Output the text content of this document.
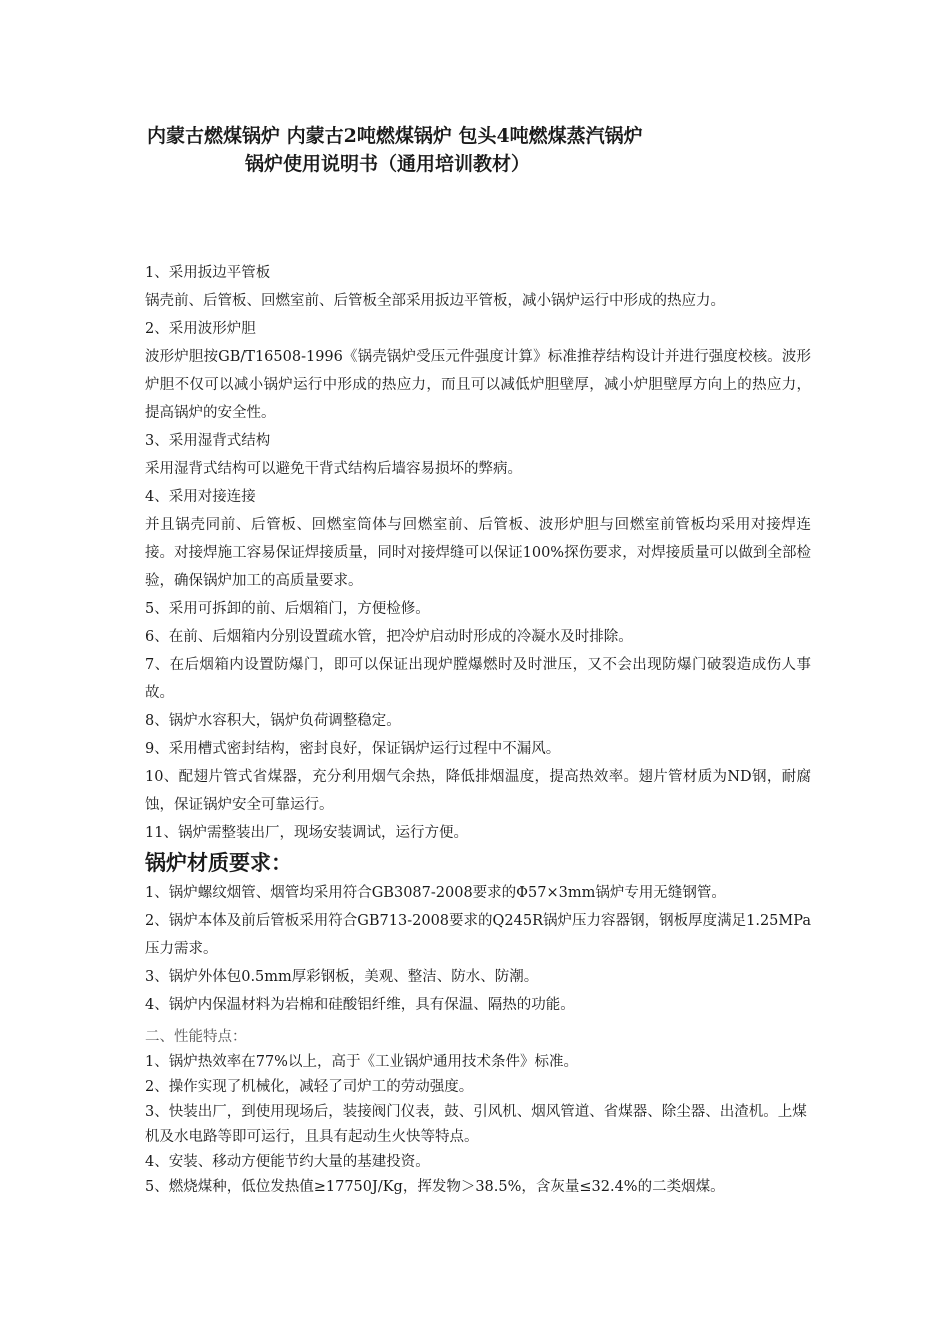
内蒙古燃煤锅炉 内蒙古2吨燃煤锅炉 包头4吨燃煤蒸汽锅炉
锅炉使用说明书（通用培训教材）

1、采用扳边平管板

锅壳前、后管板、回燃室前、后管板全部采用扳边平管板，减小锅炉运行中形成的热应力。

2、采用波形炉胆

波形炉胆按GB/T16508-1996《锅壳锅炉受压元件强度计算》标准推荐结构设计并进行强度校核。波形炉胆不仅可以减小锅炉运行中形成的热应力，而且可以减低炉胆壁厚，减小炉胆壁厚方向上的热应力，提高锅炉的安全性。

3、采用湿背式结构

采用湿背式结构可以避免干背式结构后墙容易损坏的弊病。

4、采用对接连接

并且锅壳同前、后管板、回燃室筒体与回燃室前、后管板、波形炉胆与回燃室前管板均采用对接焊连接。对接焊施工容易保证焊接质量，同时对接焊缝可以保证100%探伤要求，对焊接质量可以做到全部检验，确保锅炉加工的高质量要求。

5、采用可拆卸的前、后烟箱门，方便检修。

6、在前、后烟箱内分别设置疏水管，把冷炉启动时形成的冷凝水及时排除。

7、在后烟箱内设置防爆门，即可以保证出现炉膛爆燃时及时泄压，又不会出现防爆门破裂造成伤人事故。

8、锅炉水容积大，锅炉负荷调整稳定。

9、采用槽式密封结构，密封良好，保证锅炉运行过程中不漏风。

10、配翅片管式省煤器，充分利用烟气余热，降低排烟温度，提高热效率。翅片管材质为ND钢，耐腐蚀，保证锅炉安全可靠运行。

11、锅炉需整装出厂，现场安装调试，运行方便。

锅炉材质要求：

1、锅炉螺纹烟管、烟管均采用符合GB3087-2008要求的Φ57×3mm锅炉专用无缝钢管。

2、锅炉本体及前后管板采用符合GB713-2008要求的Q245R锅炉压力容器钢，钢板厚度满足1.25MPa压力需求。

3、锅炉外体包0.5mm厚彩钢板，美观、整洁、防水、防潮。

4、锅炉内保温材料为岩棉和硅酸铝纤维，具有保温、隔热的功能。

二、性能特点：

1、锅炉热效率在77%以上，高于《工业锅炉通用技术条件》标准。

2、操作实现了机械化，减轻了司炉工的劳动强度。

3、快装出厂，到使用现场后，装接阀门仪表，鼓、引风机、烟风管道、省煤器、除尘器、出渣机。上煤机及水电路等即可运行，且具有起动生火快等特点。

4、安装、移动方便能节约大量的基建投资。

5、燃烧煤种，低位发热值≥17750J/Kg，挥发物＞38.5%，含灰量≤32.4%的二类烟煤。
